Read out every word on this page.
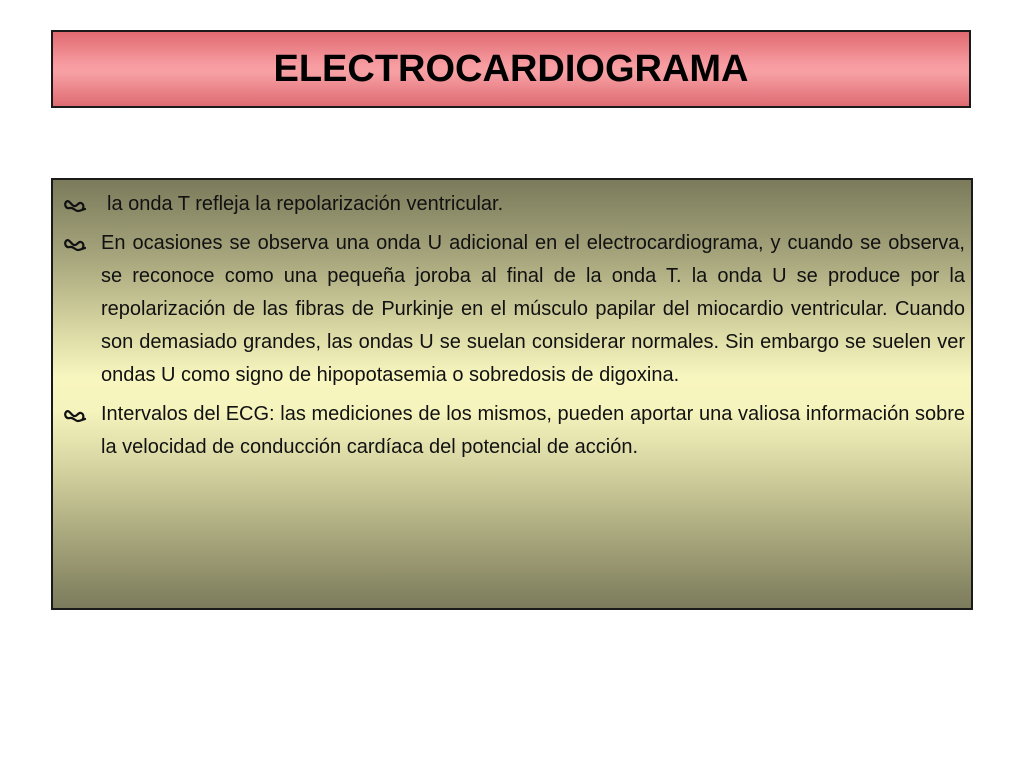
ELECTROCARDIOGRAMA
la onda T refleja la repolarización ventricular.
En ocasiones se observa una onda U adicional en el electrocardiograma, y cuando se observa, se reconoce como una pequeña joroba al final de la onda T. la onda U se produce por la repolarización de las fibras de Purkinje en el músculo papilar del miocardio ventricular. Cuando son demasiado grandes, las ondas U se suelan considerar normales. Sin embargo se suelen ver ondas U como signo de hipopotasemia o sobredosis de digoxina.
Intervalos del ECG: las mediciones de los mismos, pueden aportar una valiosa información sobre la velocidad de conducción cardíaca del potencial de acción.
